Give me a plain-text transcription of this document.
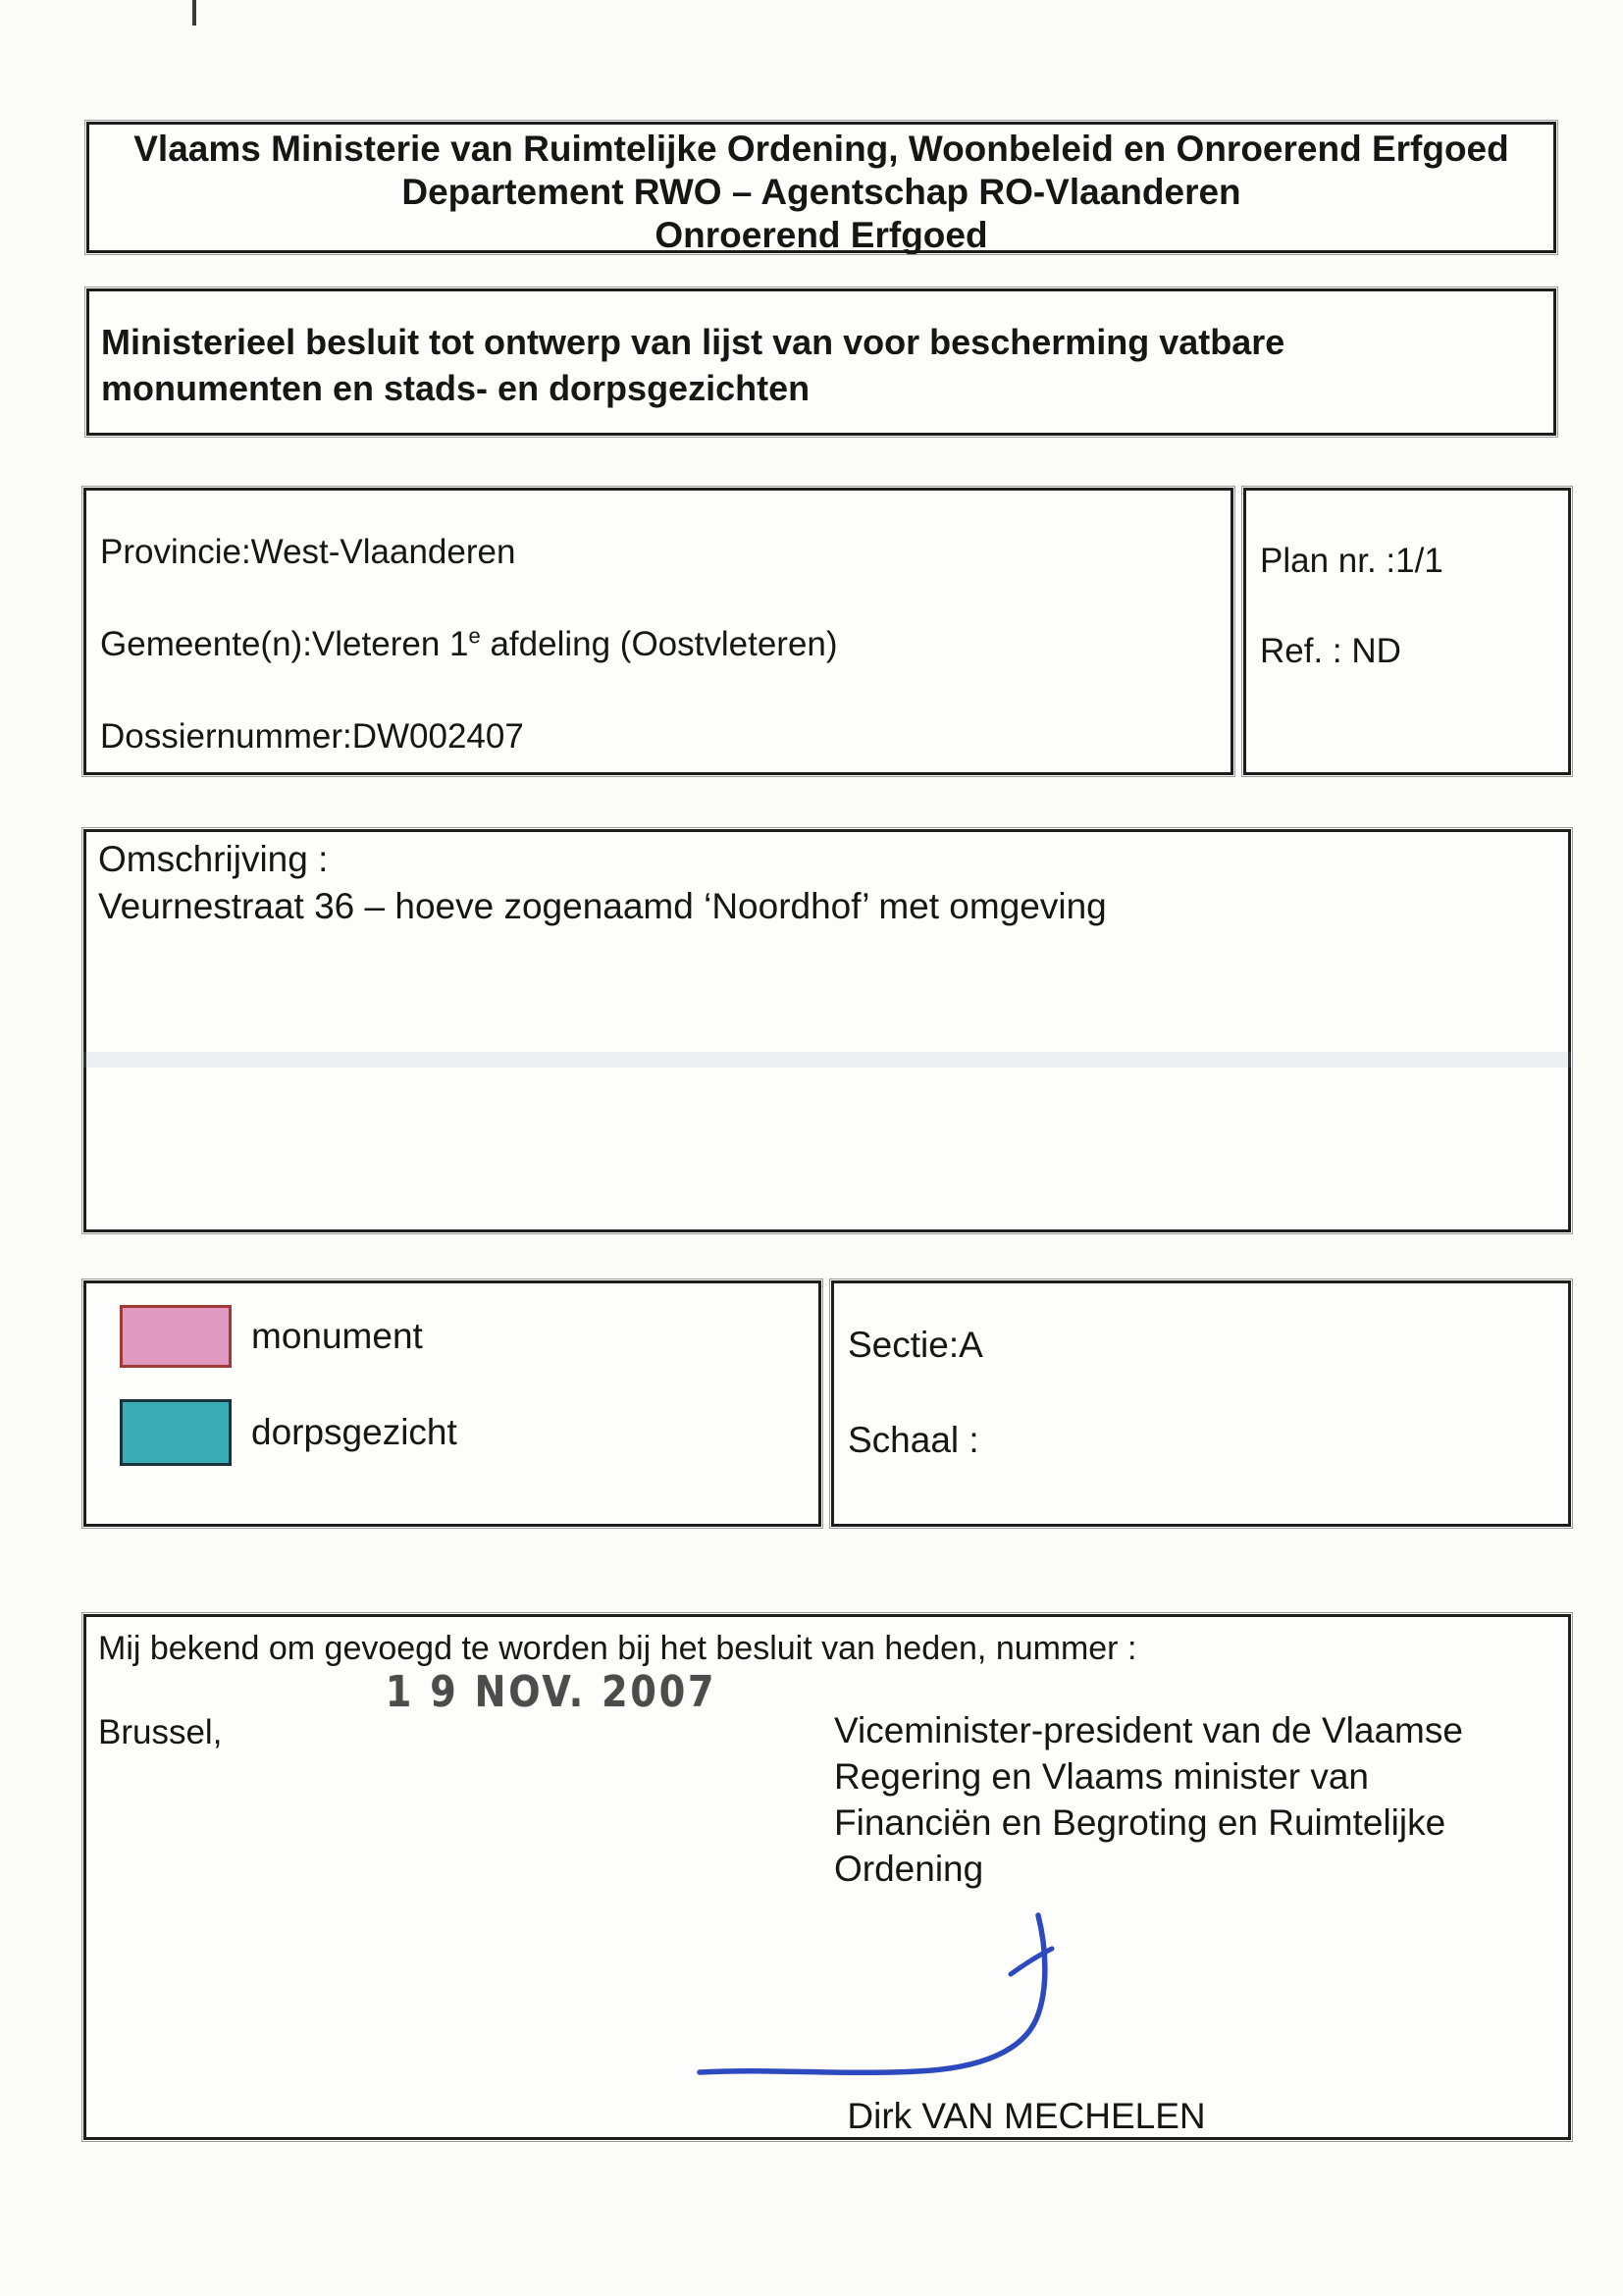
Vlaams Ministerie van Ruimtelijke Ordening, Woonbeleid en Onroerend Erfgoed
Departement RWO – Agentschap RO-Vlaanderen
Onroerend Erfgoed
Ministerieel besluit tot ontwerp van lijst van voor bescherming vatbare
monumenten en stads- en dorpsgezichten
Provincie:West-Vlaanderen
Gemeente(n):Vleteren 1e afdeling (Oostvleteren)
Dossiernummer:DW002407
Plan nr. :1/1
Ref. : ND
Omschrijving :
Veurnestraat 36 – hoeve zogenaamd ‘Noordhof’ met omgeving
monument
dorpsgezicht
Sectie:A
Schaal :
Mij bekend om gevoegd te worden bij het besluit van heden, nummer :
1 9 NOV. 2007
Brussel,	Viceminister-president van de Vlaamse
Regering en Vlaams minister van
Financiën en Begroting en Ruimtelijke
Ordening
Dirk VAN MECHELEN
